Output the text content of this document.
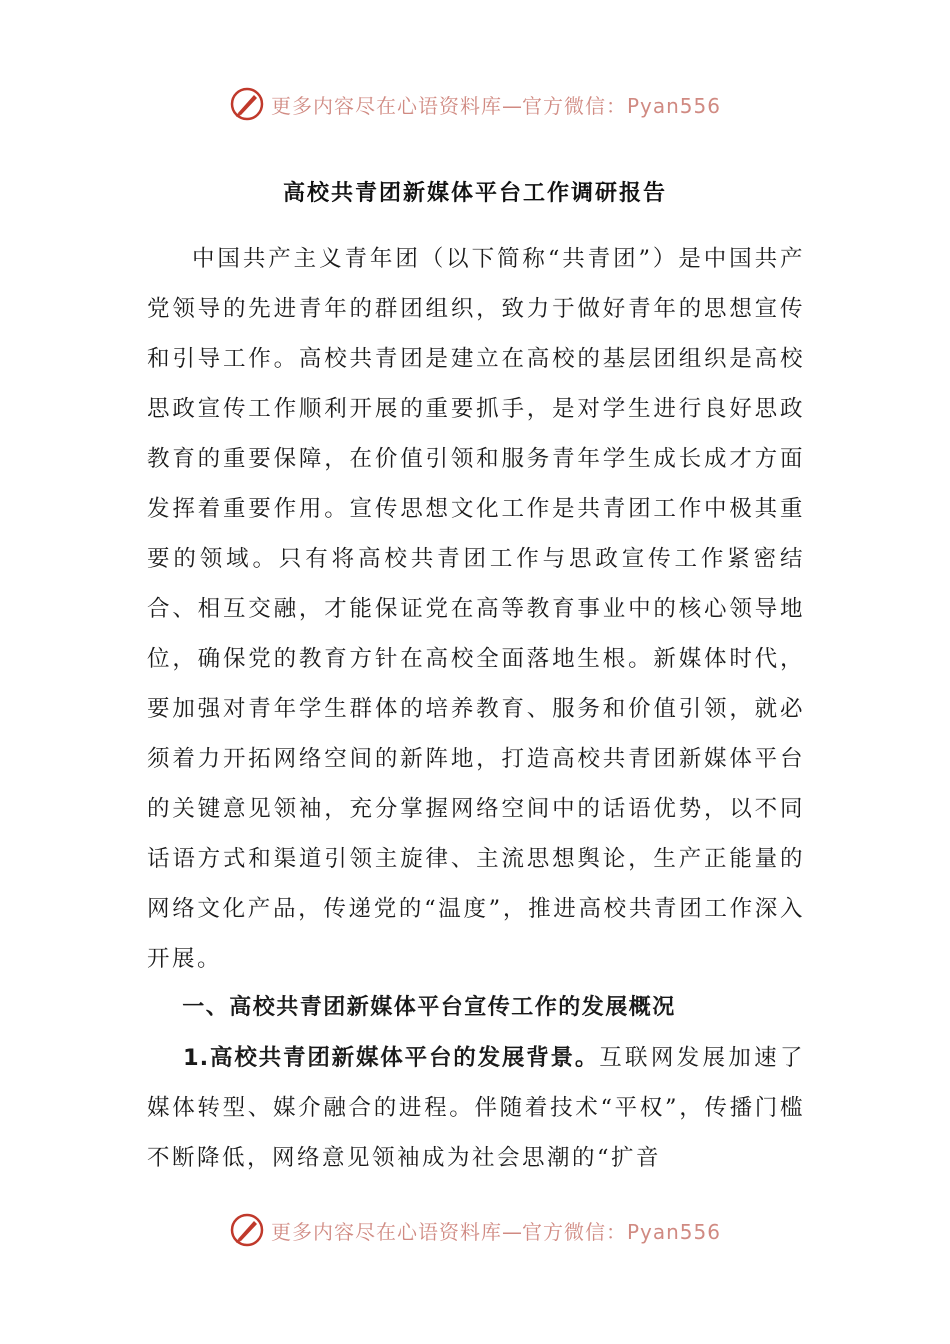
更多内容尽在心语资料库—官方微信：Pyan556
高校共青团新媒体平台工作调研报告

中国共产主义青年团（以下简称“共青团”）是中国共产党领导的先进青年的群团组织，致力于做好青年的思想宣传和引导工作。高校共青团是建立在高校的基层团组织是高校思政宣传工作顺利开展的重要抓手，是对学生进行良好思政教育的重要保障，在价值引领和服务青年学生成长成才方面发挥着重要作用。宣传思想文化工作是共青团工作中极其重要的领域。只有将高校共青团工作与思政宣传工作紧密结合、相互交融，才能保证党在高等教育事业中的核心领导地位，确保党的教育方针在高校全面落地生根。新媒体时代，要加强对青年学生群体的培养教育、服务和价值引领，就必须着力开拓网络空间的新阵地，打造高校共青团新媒体平台的关键意见领袖，充分掌握网络空间中的话语优势，以不同话语方式和渠道引领主旋律、主流思想舆论，生产正能量的网络文化产品，传递党的“温度”，推进高校共青团工作深入开展。

一、高校共青团新媒体平台宣传工作的发展概况

1.高校共青团新媒体平台的发展背景。互联网发展加速了媒体转型、媒介融合的进程。伴随着技术“平权”，传播门槛不断降低，网络意见领袖成为社会思潮的“扩音

更多内容尽在心语资料库—官方微信：Pyan556
